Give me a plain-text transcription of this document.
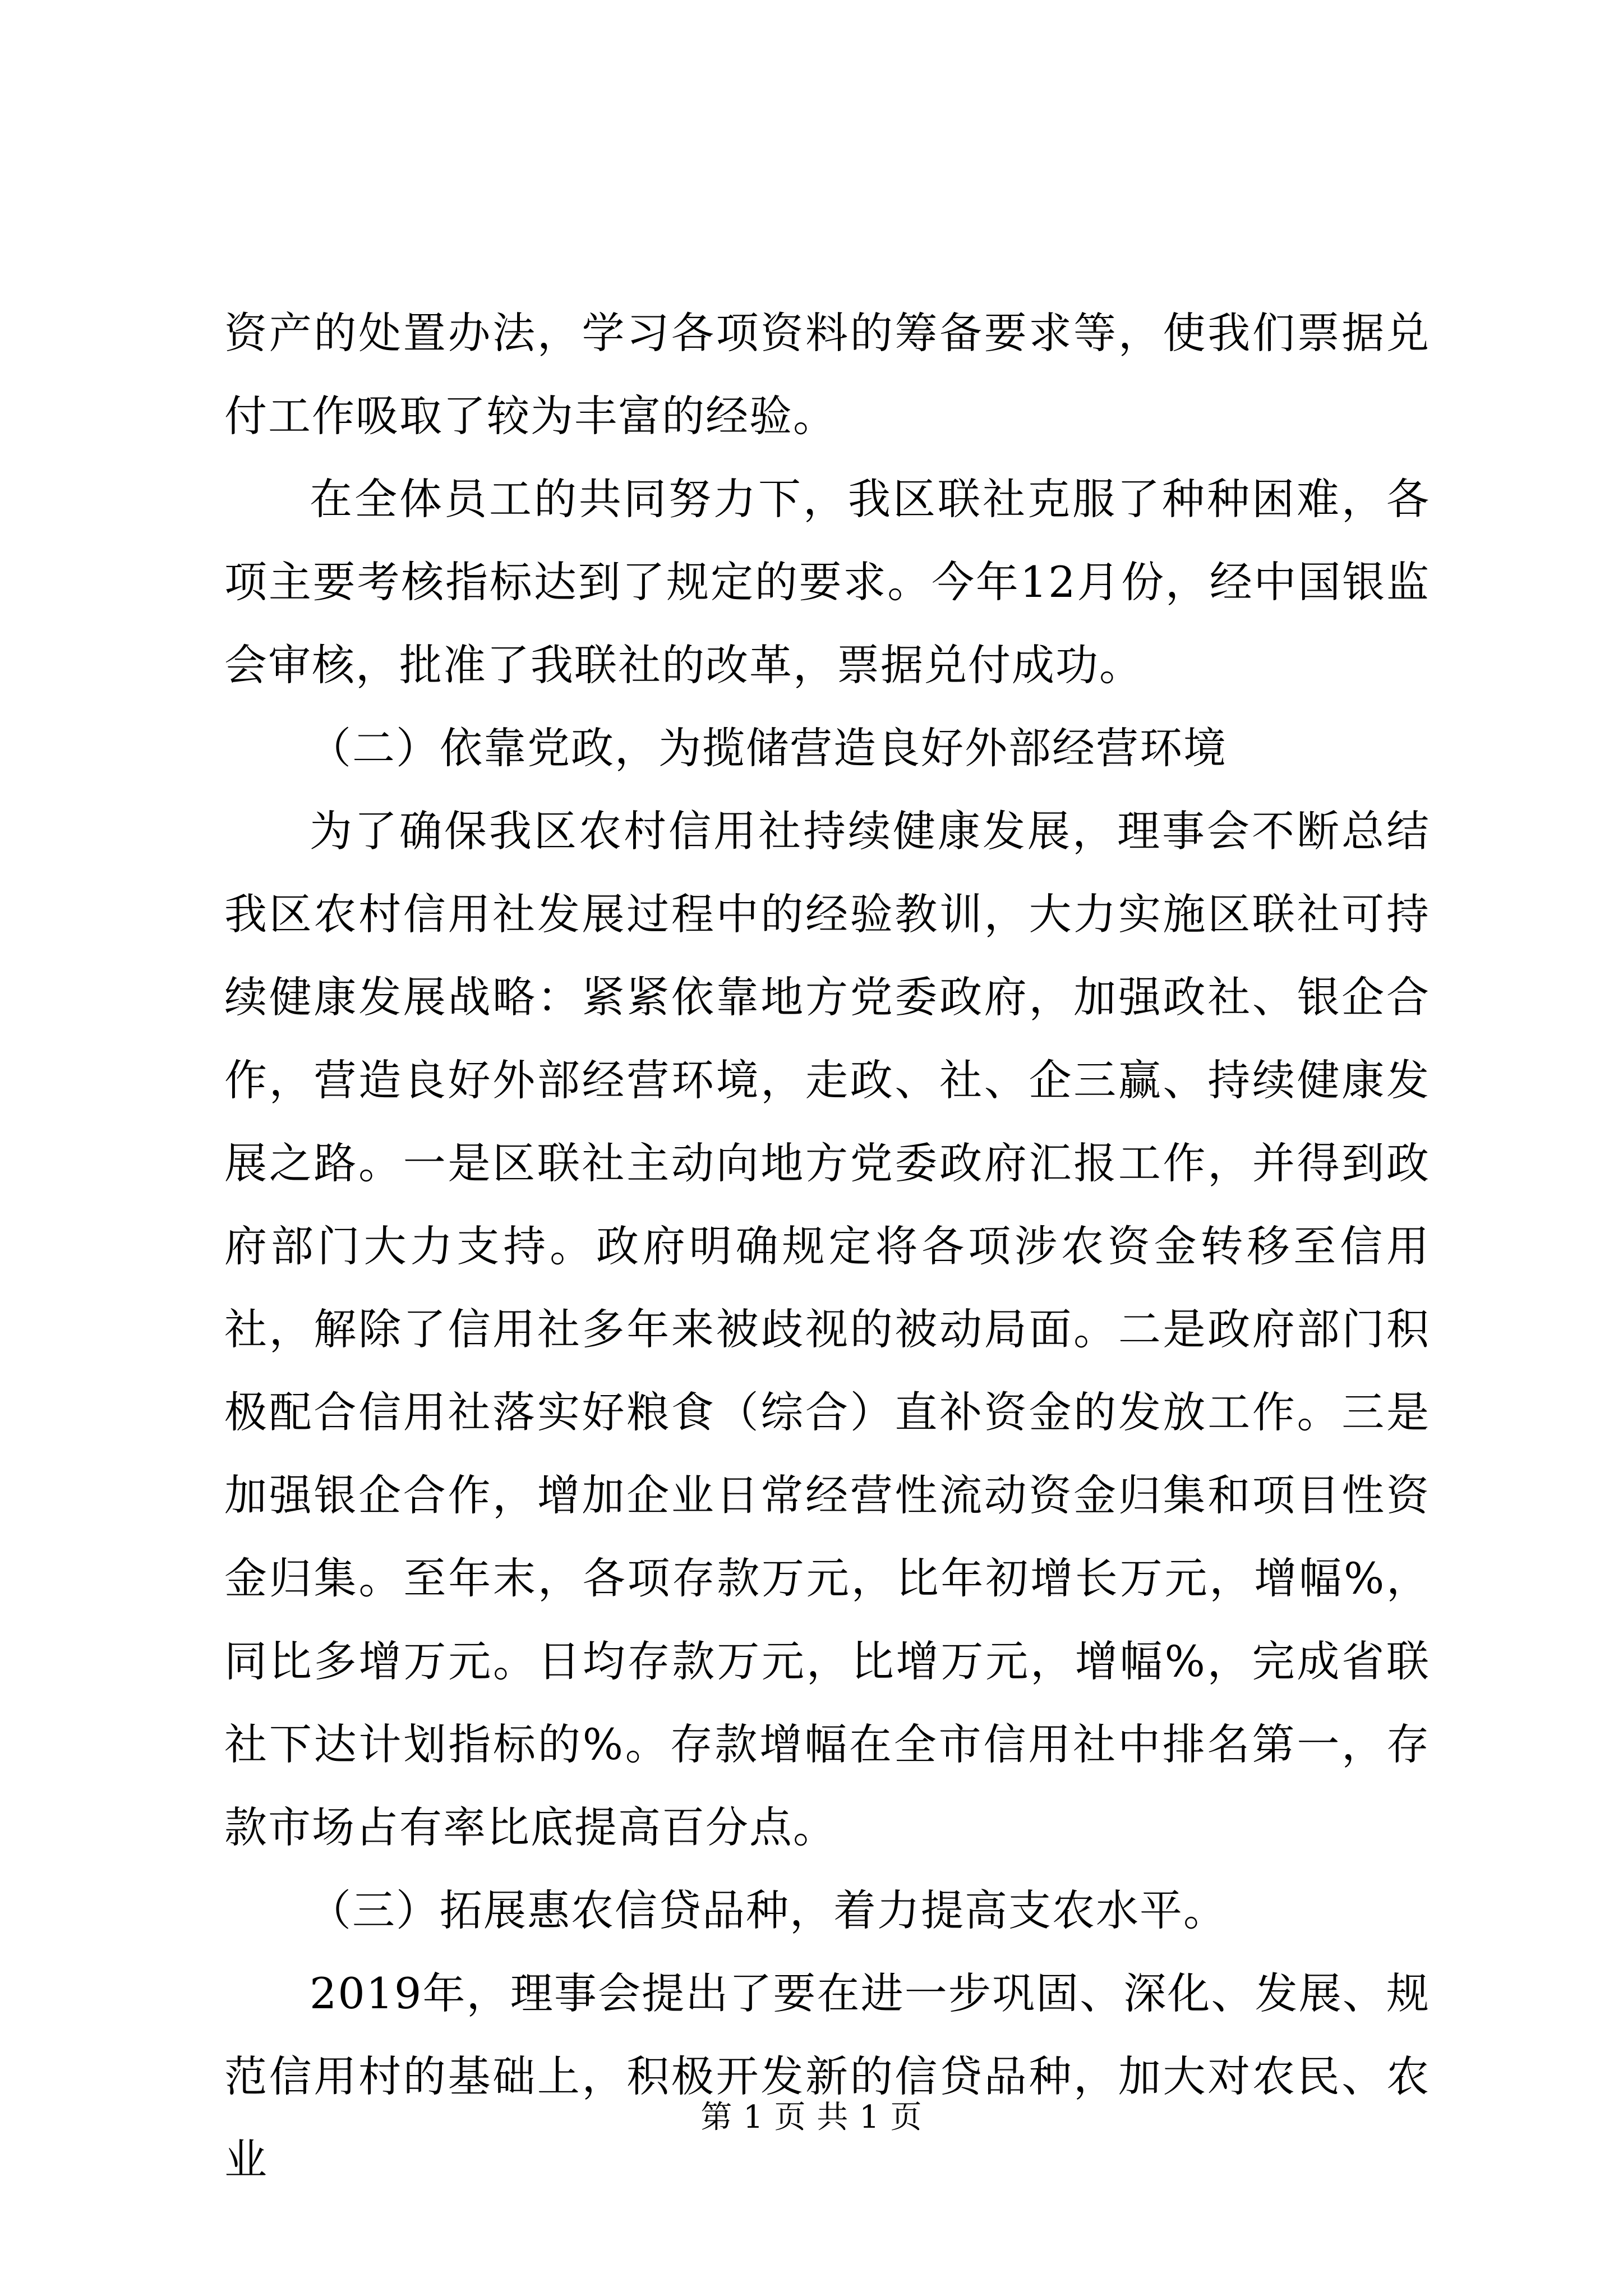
资产的处置办法，学习各项资料的筹备要求等，使我们票据兑付工作吸取了较为丰富的经验。

在全体员工的共同努力下，我区联社克服了种种困难，各项主要考核指标达到了规定的要求。今年12月份，经中国银监会审核，批准了我联社的改革，票据兑付成功。

（二）依靠党政，为揽储营造良好外部经营环境

为了确保我区农村信用社持续健康发展，理事会不断总结我区农村信用社发展过程中的经验教训，大力实施区联社可持续健康发展战略：紧紧依靠地方党委政府，加强政社、银企合作，营造良好外部经营环境，走政、社、企三赢、持续健康发展之路。一是区联社主动向地方党委政府汇报工作，并得到政府部门大力支持。政府明确规定将各项涉农资金转移至信用社，解除了信用社多年来被歧视的被动局面。二是政府部门积极配合信用社落实好粮食（综合）直补资金的发放工作。三是加强银企合作，增加企业日常经营性流动资金归集和项目性资金归集。至年末，各项存款万元，比年初增长万元，增幅%，同比多增万元。日均存款万元，比增万元，增幅%，完成省联社下达计划指标的%。存款增幅在全市信用社中排名第一，存款市场占有率比底提高百分点。

（三）拓展惠农信贷品种，着力提高支农水平。

2019年，理事会提出了要在进一步巩固、深化、发展、规范信用村的基础上，积极开发新的信贷品种，加大对农民、农业

第 1 页 共 1 页
